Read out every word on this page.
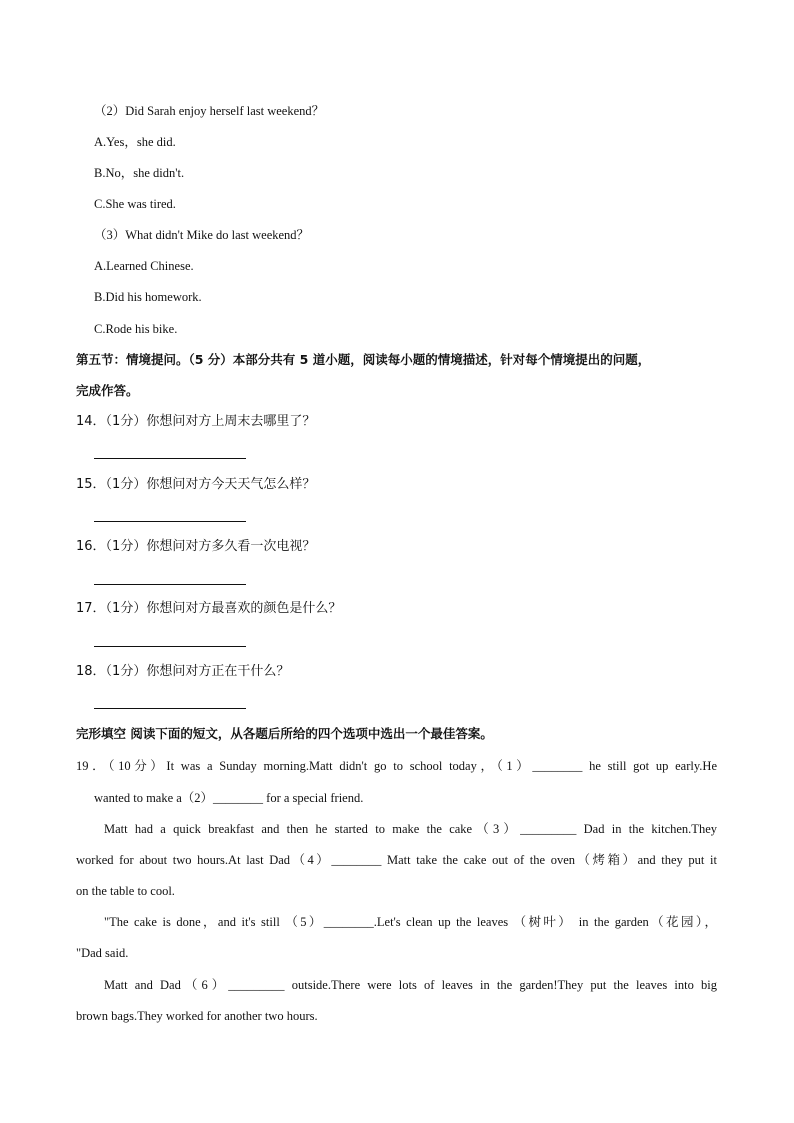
（2）Did Sarah enjoy herself last weekend？
A.Yes，she did.
B.No，she didn't.
C.She was tired.
（3）What didn't Mike do last weekend？
A.Learned Chinese.
B.Did his homework.
C.Rode his bike.
第五节：情境提问。（5 分）本部分共有 5 道小题，阅读每小题的情境描述，针对每个情境提出的问题，
完成作答。
14．（1分）你想问对方上周末去哪里了？
15．（1分）你想问对方今天天气怎么样？
16．（1分）你想问对方多久看一次电视？
17．（1分）你想问对方最喜欢的颜色是什么？
18．（1分）你想问对方正在干什么？
完形填空 阅读下面的短文，从各题后所给的四个选项中选出一个最佳答案。
19．（10分）It was a Sunday morning.Matt didn't go to school today，（1）________ he still got up early.He
wanted to make a（2）________ for a special friend.
Matt had a quick breakfast and then he started to make the cake（3）_________ Dad in the kitchen.They
worked for about two hours.At last Dad（4）________ Matt take the cake out of the oven（烤箱）and they put it
on the table to cool.
"The cake is done，and it's still （5）________.Let's clean up the leaves （树叶） in the garden（花园），
"Dad said.
Matt and Dad（6）_________ outside.There were lots of leaves in the garden!They put the leaves into big
brown bags.They worked for another two hours.
